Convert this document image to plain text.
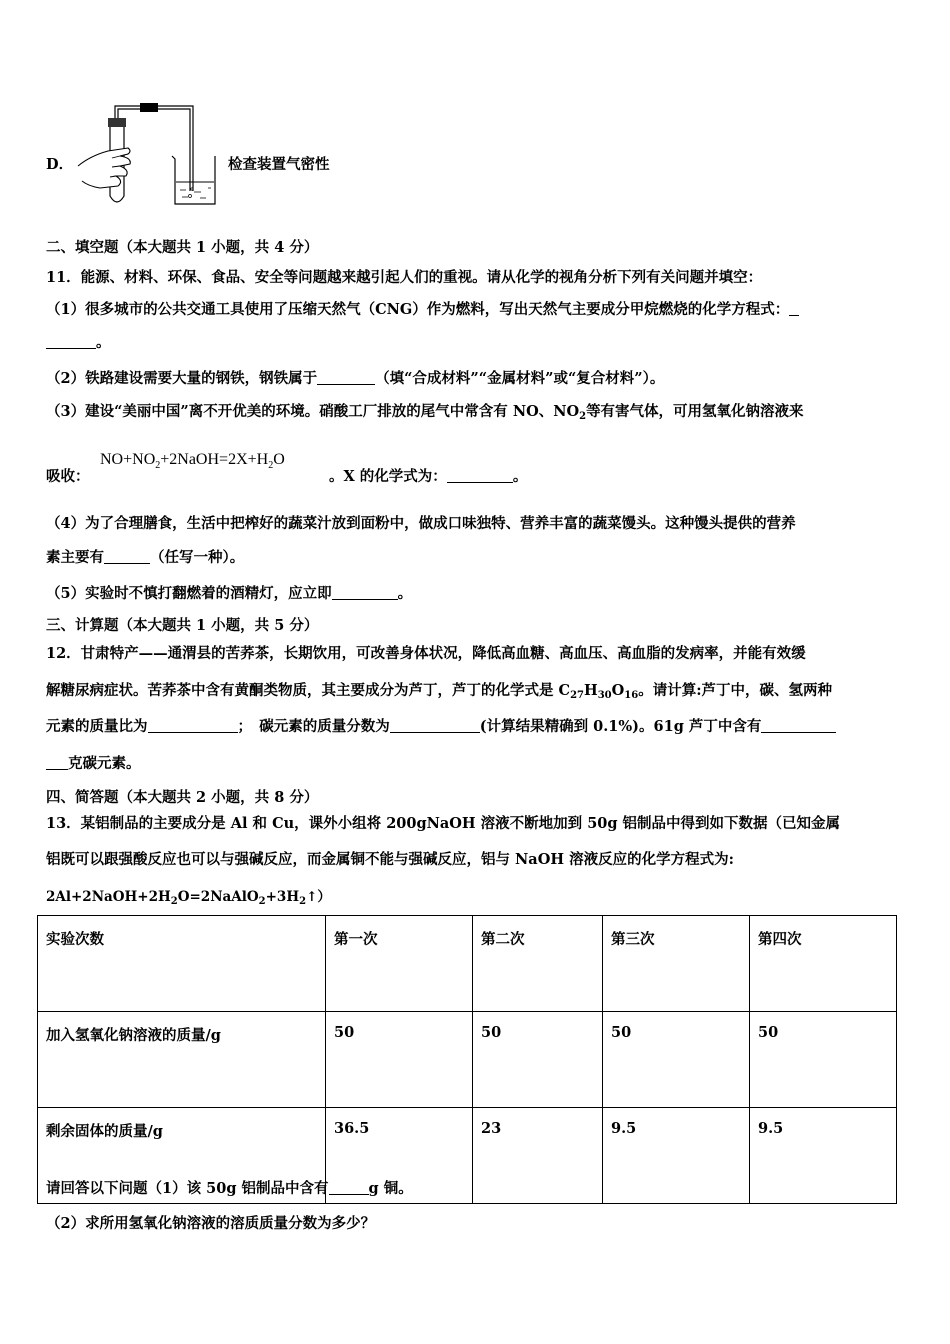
D．	检查装置气密性
二、填空题（本大题共 1 小题，共 4 分）
11．能源、材料、环保、食品、安全等问题越来越引起人们的重视。请从化学的视角分析下列有关问题并填空：
（1）很多城市的公共交通工具使用了压缩天然气（CNG）作为燃料，写出天然气主要成分甲烷燃烧的化学方程式：
。
（2）铁路建设需要大量的钢铁，钢铁属于	（填“合成材料”“金属材料”或“复合材料”）。
（3）建设“美丽中国”离不开优美的环境。硝酸工厂排放的尾气中常含有 NO、$NO_2$等有害气体，可用氢氧化钠溶液来
吸收：
$NO+NO_2+2NaOH=2X+H_2O$
。X 的化学式为：	。
（4）为了合理膳食，生活中把榨好的蔬菜汁放到面粉中，做成口味独特、营养丰富的蔬菜馒头。这种馒头提供的营养
素主要有	（任写一种）。
（5）实验时不慎打翻燃着的酒精灯，应立即	。
三、计算题（本大题共 1 小题，共 5 分）
12．甘肃特产——通渭县的苦荞茶，长期饮用，可改善身体状况，降低高血糖、高血压、高血脂的发病率，并能有效缓
解糖尿病症状。苦荞茶中含有黄酮类物质，其主要成分为芦丁，芦丁的化学式是 $C_{27}H_{30}O_{16}$。请计算:芦丁中，碳、氢两种
元素的质量比为	；　碳元素的质量分数为	(计算结果精确到 0.1%)。61g 芦丁中含有
克碳元素。
四、简答题（本大题共 2 小题，共 8 分）
13．某铝制品的主要成分是 Al 和 Cu，课外小组将 200gNaOH 溶液不断地加到 50g 铝制品中得到如下数据（已知金属
铝既可以跟强酸反应也可以与强碱反应，而金属铜不能与强碱反应，铝与 NaOH 溶液反应的化学方程式为:
$2Al+2NaOH+2H_2O=2NaAlO_2+3H_2↑$）
实验次数	第一次	第二次	第三次	第四次
加入氢氧化钠溶液的质量/g	50	50	50	50
剩余固体的质量/g	36.5	23	9.5	9.5
请回答以下问题（1）该 50g 铝制品中含有	g 铜。
（2）求所用氢氧化钠溶液的溶质质量分数为多少？
